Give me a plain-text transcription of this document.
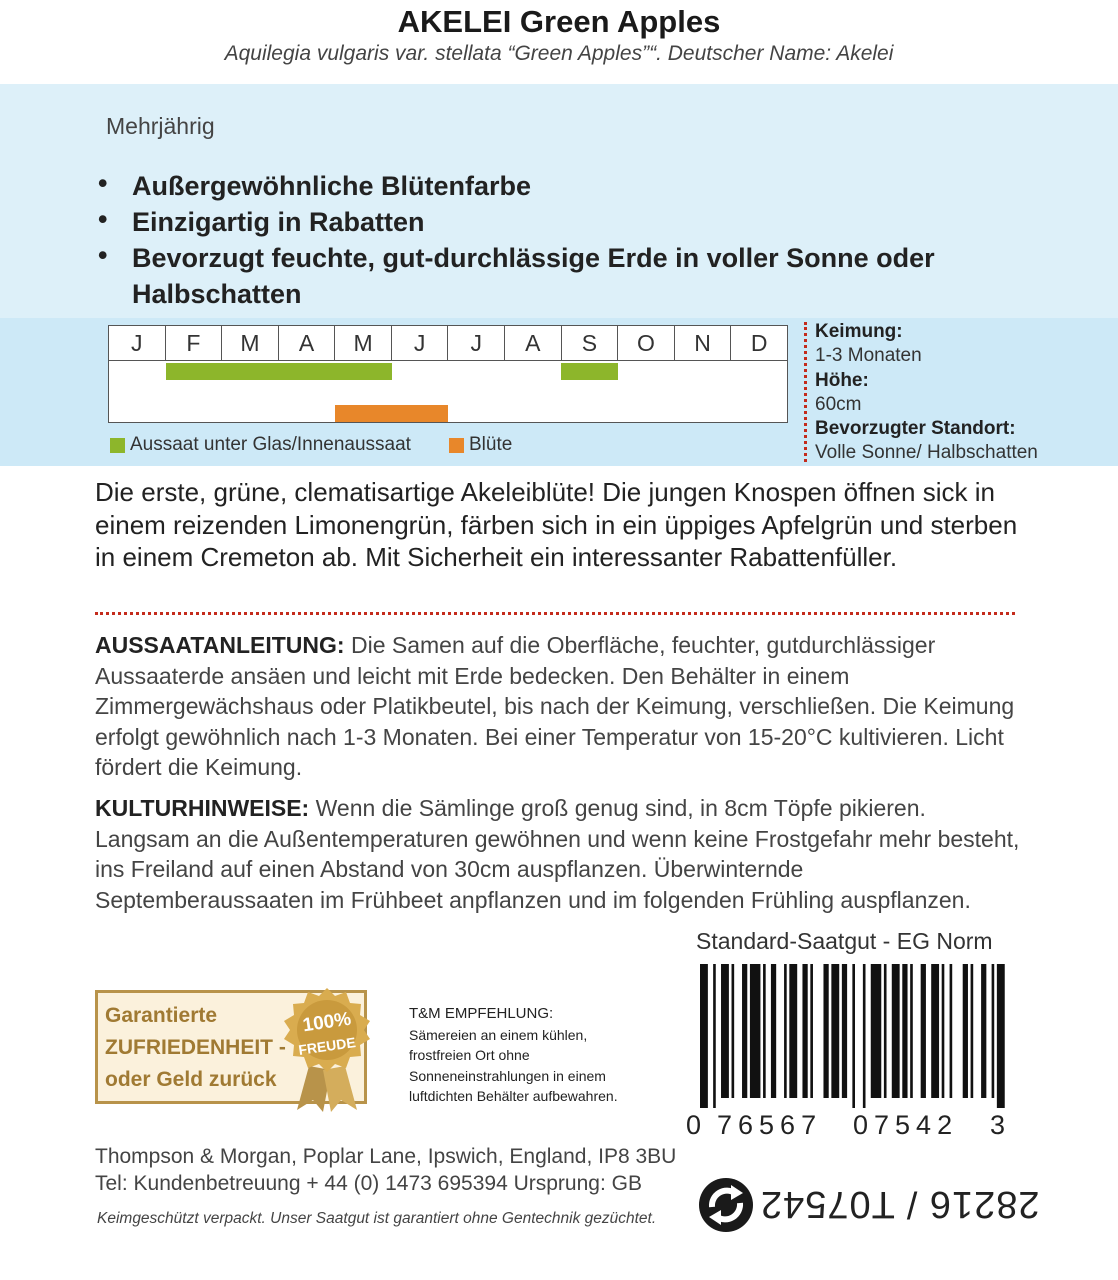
AKELEI Green Apples
Aquilegia vulgaris var. stellata “Green Apples”“. Deutscher Name: Akelei
Mehrjährig
• Außergewöhnliche Blütenfarbe
• Einzigartig in Rabatten
• Bevorzugt feuchte, gut-durchlässige Erde in voller Sonne oder Halbschatten
J	F	M	A	M	J	J	A	S	O	N	D
Aussaat unter Glas/Innenaussaat	Blüte
Keimung:
1-3 Monaten
Höhe:
60cm
Bevorzugter Standort:
Volle Sonne/ Halbschatten
Die erste, grüne, clematisartige Akeleiblüte! Die jungen Knospen öffnen sick in einem reizenden Limonengrün, färben sich in ein üppiges Apfelgrün und sterben in einem Cremeton ab. Mit Sicherheit ein interessanter Rabattenfüller.
AUSSAATANLEITUNG: Die Samen auf die Oberfläche, feuchter, gutdurchlässiger Aussaaterde ansäen und leicht mit Erde bedecken. Den Behälter in einem Zimmergewächshaus oder Platikbeutel, bis nach der Keimung, verschließen. Die Keimung erfolgt gewöhnlich nach 1-3 Monaten. Bei einer Temperatur von 15-20°C kultivieren. Licht fördert die Keimung.
KULTURHINWEISE: Wenn die Sämlinge groß genug sind, in 8cm Töpfe pikieren. Langsam an die Außentemperaturen gewöhnen und wenn keine Frostgefahr mehr besteht, ins Freiland auf einen Abstand von 30cm auspflanzen. Überwinternde Septemberaussaaten im Frühbeet anpflanzen und im folgenden Frühling auspflanzen.
Standard-Saatgut - EG Norm
0 76567 07542 3
Garantierte
ZUFRIEDENHEIT -
oder Geld zurück
100%
FREUDE
T&M EMPFEHLUNG:
Sämereien an einem kühlen, frostfreien Ort ohne Sonneneinstrahlungen in einem luftdichten Behälter aufbewahren.
Thompson & Morgan, Poplar Lane, Ipswich, England, IP8 3BU
Tel: Kundenbetreuung + 44 (0) 1473 695394 Ursprung: GB
Keimgeschützt verpackt. Unser Saatgut ist garantiert ohne Gentechnik gezüchtet.	28216 / T07542
